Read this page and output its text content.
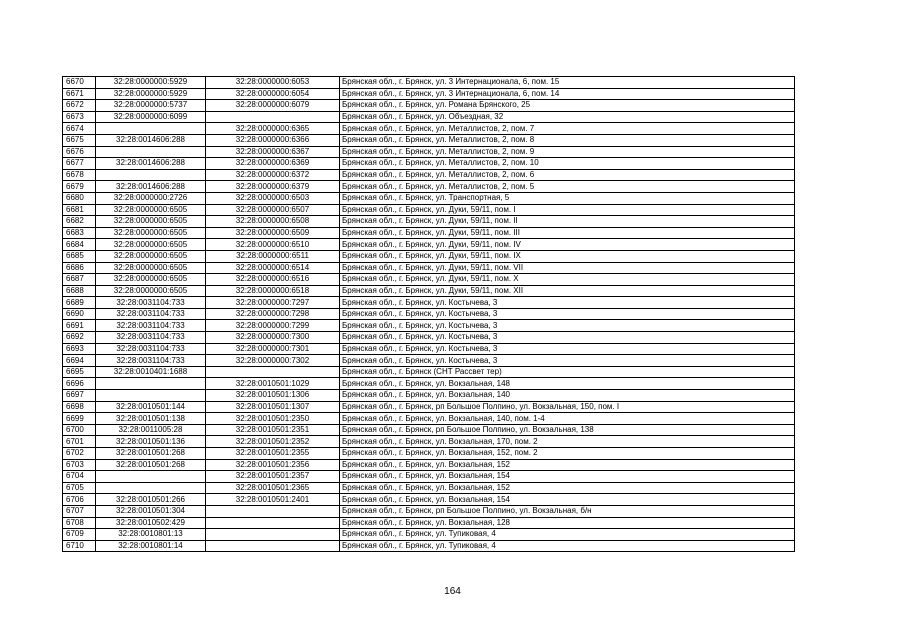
6670	32:28:0000000:5929	32:28:0000000:6053	Брянская обл., г. Брянск, ул. 3 Интернационала, 6, пом. 15
6671	32:28:0000000:5929	32:28:0000000:6054	Брянская обл., г. Брянск, ул. 3 Интернационала, 6, пом. 14
6672	32:28:0000000:5737	32:28:0000000:6079	Брянская обл., г. Брянск, ул. Романа Брянского, 25
6673	32:28:0000000:6099		Брянская обл., г. Брянск, ул. Объездная, 32
6674		32:28:0000000:6365	Брянская обл., г. Брянск, ул. Металлистов, 2, пом. 7
6675	32:28:0014606:288	32:28:0000000:6366	Брянская обл., г. Брянск, ул. Металлистов, 2, пом. 8
6676		32:28:0000000:6367	Брянская обл., г. Брянск, ул. Металлистов, 2, пом. 9
6677	32:28:0014606:288	32:28:0000000:6369	Брянская обл., г. Брянск, ул. Металлистов, 2, пом. 10
6678		32:28:0000000:6372	Брянская обл., г. Брянск, ул. Металлистов, 2, пом. 6
6679	32:28:0014606:288	32:28:0000000:6379	Брянская обл., г. Брянск, ул. Металлистов, 2, пом. 5
6680	32:28:0000000:2726	32:28:0000000:6503	Брянская обл., г. Брянск, ул. Транспортная, 5
6681	32:28:0000000:6505	32:28:0000000:6507	Брянская обл., г. Брянск, ул. Дуки, 59/11, пом. I
6682	32:28:0000000:6505	32:28:0000000:6508	Брянская обл., г. Брянск, ул. Дуки, 59/11, пом. II
6683	32:28:0000000:6505	32:28:0000000:6509	Брянская обл., г. Брянск, ул. Дуки, 59/11, пом. III
6684	32:28:0000000:6505	32:28:0000000:6510	Брянская обл., г. Брянск, ул. Дуки, 59/11, пом. IV
6685	32:28:0000000:6505	32:28:0000000:6511	Брянская обл., г. Брянск, ул. Дуки, 59/11, пом. IX
6686	32:28:0000000:6505	32:28:0000000:6514	Брянская обл., г. Брянск, ул. Дуки, 59/11, пом. VII
6687	32:28:0000000:6505	32:28:0000000:6516	Брянская обл., г. Брянск, ул. Дуки, 59/11, пом. X
6688	32:28:0000000:6505	32:28:0000000:6518	Брянская обл., г. Брянск, ул. Дуки, 59/11, пом. XII
6689	32:28:0031104:733	32:28:0000000:7297	Брянская обл., г. Брянск, ул. Костычева, 3
6690	32:28:0031104:733	32:28:0000000:7298	Брянская обл., г. Брянск, ул. Костычева, 3
6691	32:28:0031104:733	32:28:0000000:7299	Брянская обл., г. Брянск, ул. Костычева, 3
6692	32:28:0031104:733	32:28:0000000:7300	Брянская обл., г. Брянск, ул. Костычева, 3
6693	32:28:0031104:733	32:28:0000000:7301	Брянская обл., г. Брянск, ул. Костычева, 3
6694	32:28:0031104:733	32:28:0000000:7302	Брянская обл., г. Брянск, ул. Костычева, 3
6695	32:28:0010401:1688		Брянская обл., г. Брянск (СНТ Рассвет тер)
6696		32:28:0010501:1029	Брянская обл., г. Брянск, ул. Вокзальная, 148
6697		32:28:0010501:1306	Брянская обл., г. Брянск, ул. Вокзальная, 140
6698	32:28:0010501:144	32:28:0010501:1307	Брянская обл., г. Брянск, рп Большое Полпино, ул. Вокзальная, 150, пом. I
6699	32:28:0010501:138	32:28:0010501:2350	Брянская обл., г. Брянск, ул. Вокзальная, 140, пом. 1-4
6700	32:28:0011005:28	32:28:0010501:2351	Брянская обл., г. Брянск, рп Большое Полпино, ул. Вокзальная, 138
6701	32:28:0010501:136	32:28:0010501:2352	Брянская обл., г. Брянск, ул. Вокзальная, 170, пом. 2
6702	32:28:0010501:268	32:28:0010501:2355	Брянская обл., г. Брянск, ул. Вокзальная, 152, пом. 2
6703	32:28:0010501:268	32:28:0010501:2356	Брянская обл., г. Брянск, ул. Вокзальная, 152
6704		32:28:0010501:2357	Брянская обл., г. Брянск, ул. Вокзальная, 154
6705		32:28:0010501:2365	Брянская обл., г. Брянск, ул. Вокзальная, 152
6706	32:28:0010501:266	32:28:0010501:2401	Брянская обл., г. Брянск, ул. Вокзальная, 154
6707	32:28:0010501:304		Брянская обл., г. Брянск, рп Большое Полпино, ул. Вокзальная, б/н
6708	32:28:0010502:429		Брянская обл., г. Брянск, ул. Вокзальная, 128
6709	32:28:0010801:13		Брянская обл., г. Брянск, ул. Тупиковая, 4
6710	32:28:0010801:14		Брянская обл., г. Брянск, ул. Тупиковая, 4
164
